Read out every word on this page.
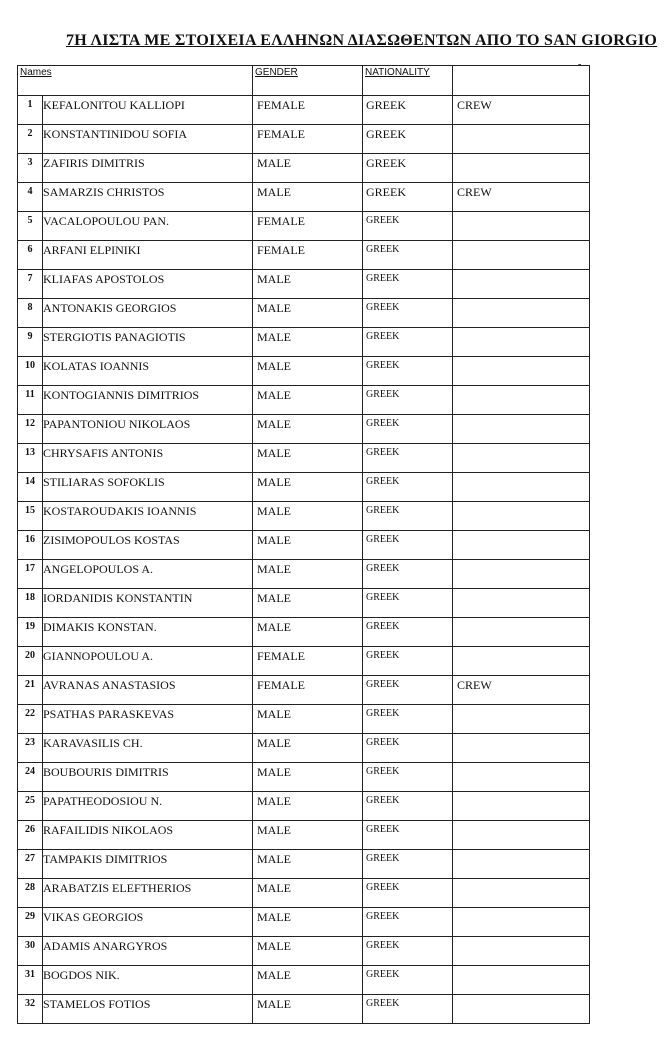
7Η ΛΙΣΤΑ ΜΕ ΣΤΟΙΧΕΙΑ ΕΛΛΗΝΩΝ ΔΙΑΣΩΘΕΝΤΩΝ ΑΠΟ ΤΟ SAN GIORGIO
-
Names	GENDER	NATIONALITY	
1 KEFALONITOU KALLIOPI	FEMALE	GREEK	CREW
2 KONSTANTINIDOU SOFIA	FEMALE	GREEK	
3 ZAFIRIS DIMITRIS	MALE	GREEK	
4 SAMARZIS CHRISTOS	MALE	GREEK	CREW
5 VACALOPOULOU PAN.	FEMALE	GREEK	
6 ARFANI ELPINIKI	FEMALE	GREEK	
7 KLIAFAS APOSTOLOS	MALE	GREEK	
8 ANTONAKIS GEORGIOS	MALE	GREEK	
9 STERGIOTIS PANAGIOTIS	MALE	GREEK	
10 KOLATAS IOANNIS	MALE	GREEK	
11 KONTOGIANNIS DIMITRIOS	MALE	GREEK	
12 PAPANTONIOU NIKOLAOS	MALE	GREEK	
13 CHRYSAFIS ANTONIS	MALE	GREEK	
14 STILIARAS SOFOKLIS	MALE	GREEK	
15 KOSTAROUDAKIS IOANNIS	MALE	GREEK	
16 ZISIMOPOULOS KOSTAS	MALE	GREEK	
17 ANGELOPOULOS A.	MALE	GREEK	
18 IORDANIDIS KONSTANTIN	MALE	GREEK	
19 DIMAKIS KONSTAN.	MALE	GREEK	
20 GIANNOPOULOU A.	FEMALE	GREEK	
21 AVRANAS ANASTASIOS	FEMALE	GREEK	CREW
22 PSATHAS PARASKEVAS	MALE	GREEK	
23 KARAVASILIS CH.	MALE	GREEK	
24 BOUBOURIS DIMITRIS	MALE	GREEK	
25 PAPATHEODOSIOU N.	MALE	GREEK	
26 RAFAILIDIS NIKOLAOS	MALE	GREEK	
27 TAMPAKIS DIMITRIOS	MALE	GREEK	
28 ARABATZIS ELEFTHERIOS	MALE	GREEK	
29 VIKAS GEORGIOS	MALE	GREEK	
30 ADAMIS ANARGYROS	MALE	GREEK	
31 BOGDOS NIK.	MALE	GREEK	
32 STAMELOS FOTIOS	MALE	GREEK	
